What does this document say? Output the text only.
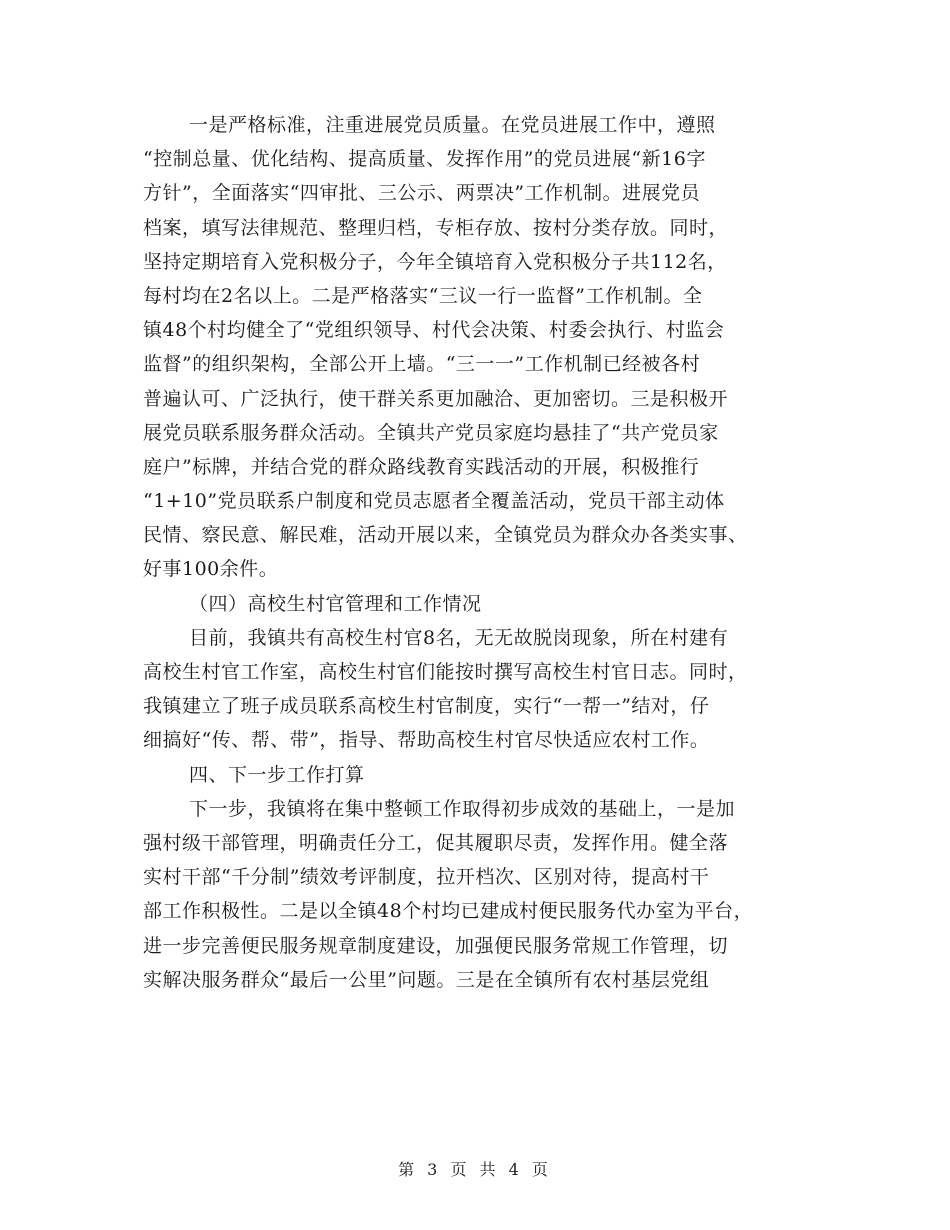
一是严格标准，注重进展党员质量。在党员进展工作中，遵照
“控制总量、优化结构、提高质量、发挥作用”的党员进展“新16字
方针”，全面落实“四审批、三公示、两票决”工作机制。进展党员
档案，填写法律规范、整理归档，专柜存放、按村分类存放。同时，
坚持定期培育入党积极分子，今年全镇培育入党积极分子共112名，
每村均在2名以上。二是严格落实“三议一行一监督”工作机制。全
镇48个村均健全了“党组织领导、村代会决策、村委会执行、村监会
监督”的组织架构，全部公开上墙。“三一一”工作机制已经被各村
普遍认可、广泛执行，使干群关系更加融洽、更加密切。三是积极开
展党员联系服务群众活动。全镇共产党员家庭均悬挂了“共产党员家
庭户”标牌，并结合党的群众路线教育实践活动的开展，积极推行
“1+10”党员联系户制度和党员志愿者全覆盖活动，党员干部主动体
民情、察民意、解民难，活动开展以来，全镇党员为群众办各类实事、
好事100余件。
（四）高校生村官管理和工作情况
目前，我镇共有高校生村官8名，无无故脱岗现象，所在村建有
高校生村官工作室，高校生村官们能按时撰写高校生村官日志。同时，
我镇建立了班子成员联系高校生村官制度，实行“一帮一”结对，仔
细搞好“传、帮、带”，指导、帮助高校生村官尽快适应农村工作。
四、下一步工作打算
下一步，我镇将在集中整顿工作取得初步成效的基础上，一是加
强村级干部管理，明确责任分工，促其履职尽责，发挥作用。健全落
实村干部“千分制”绩效考评制度，拉开档次、区别对待，提高村干
部工作积极性。二是以全镇48个村均已建成村便民服务代办室为平台，
进一步完善便民服务规章制度建设，加强便民服务常规工作管理，切
实解决服务群众“最后一公里”问题。三是在全镇所有农村基层党组
第 3 页 共 4 页
